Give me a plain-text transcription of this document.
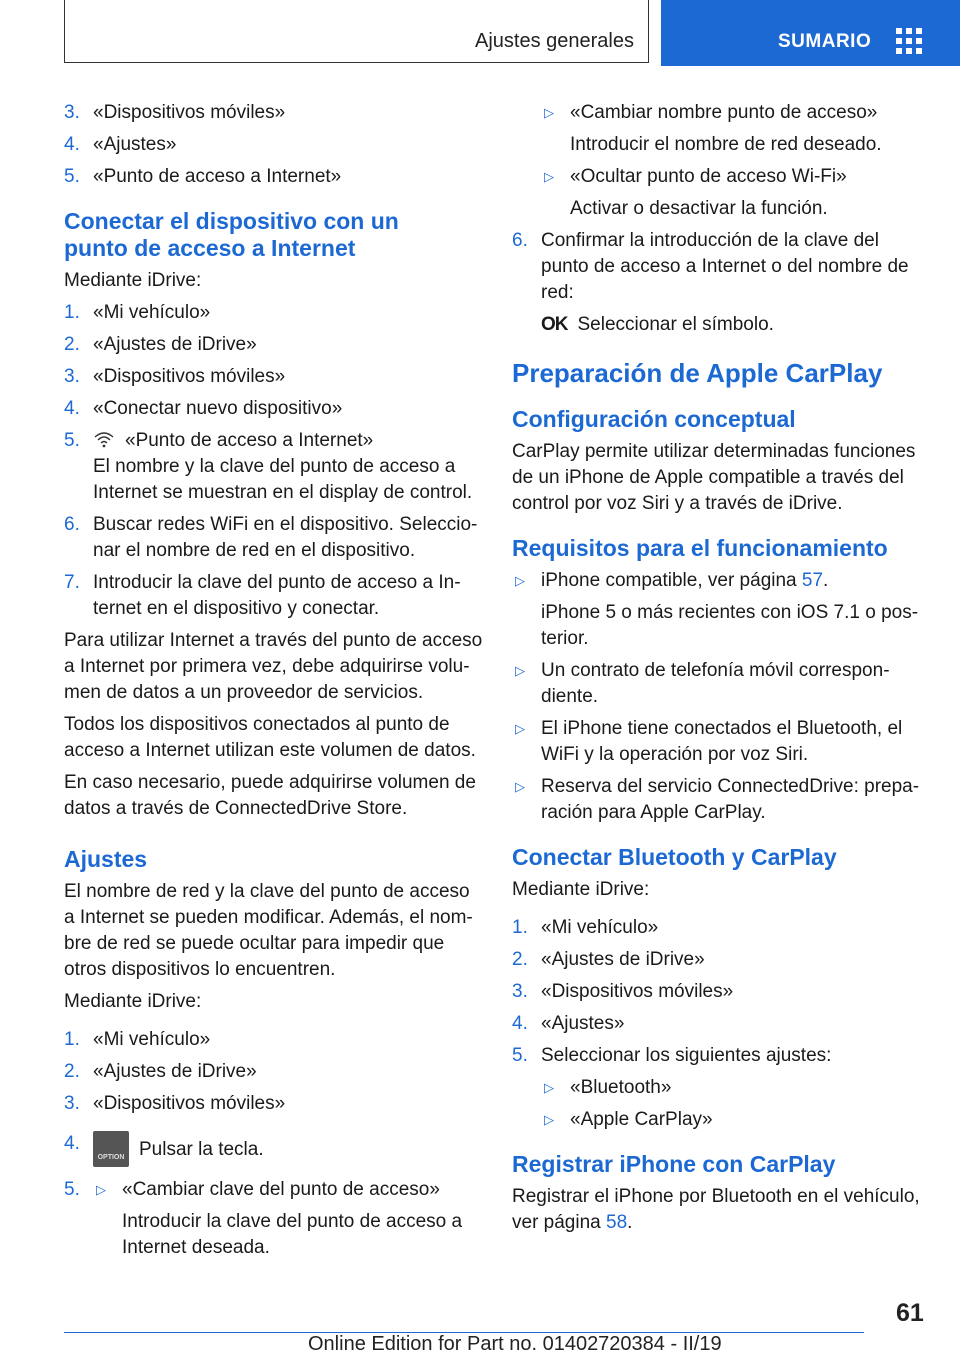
Ajustes generales	SUMARIO
3. «Dispositivos móviles»
4. «Ajustes»
5. «Punto de acceso a Internet»
Conectar el dispositivo con un
punto de acceso a Internet
Mediante iDrive:
1. «Mi vehículo»
2. «Ajustes de iDrive»
3. «Dispositivos móviles»
4. «Conectar nuevo dispositivo»
5. «Punto de acceso a Internet»
El nombre y la clave del punto de acceso a Internet se muestran en el display de control.
6. Buscar redes WiFi en el dispositivo. Seleccionar el nombre de red en el dispositivo.
7. Introducir la clave del punto de acceso a Internet en el dispositivo y conectar.
Para utilizar Internet a través del punto de acceso a Internet por primera vez, debe adquirirse volumen de datos a un proveedor de servicios.
Todos los dispositivos conectados al punto de acceso a Internet utilizan este volumen de datos.
En caso necesario, puede adquirirse volumen de datos a través de ConnectedDrive Store.
Ajustes
El nombre de red y la clave del punto de acceso a Internet se pueden modificar. Además, el nombre de red se puede ocultar para impedir que otros dispositivos lo encuentren.
Mediante iDrive:
1. «Mi vehículo»
2. «Ajustes de iDrive»
3. «Dispositivos móviles»
4.
OPTION Pulsar la tecla.
5. ▷ «Cambiar clave del punto de acceso»
Introducir la clave del punto de acceso a Internet deseada.
▷ «Cambiar nombre punto de acceso»
Introducir el nombre de red deseado.
▷ «Ocultar punto de acceso Wi-Fi»
Activar o desactivar la función.
6. Confirmar la introducción de la clave del punto de acceso a Internet o del nombre de red:
OK Seleccionar el símbolo.
Preparación de Apple CarPlay
Configuración conceptual
CarPlay permite utilizar determinadas funciones de un iPhone de Apple compatible a través del control por voz Siri y a través de iDrive.
Requisitos para el funcionamiento
▷ iPhone compatible, ver página 57.
iPhone 5 o más recientes con iOS 7.1 o posterior.
▷ Un contrato de telefonía móvil correspondiente.
▷ El iPhone tiene conectados el Bluetooth, el WiFi y la operación por voz Siri.
▷ Reserva del servicio ConnectedDrive: preparación para Apple CarPlay.
Conectar Bluetooth y CarPlay
Mediante iDrive:
1. «Mi vehículo»
2. «Ajustes de iDrive»
3. «Dispositivos móviles»
4. «Ajustes»
5. Seleccionar los siguientes ajustes:
▷ «Bluetooth»
▷ «Apple CarPlay»
Registrar iPhone con CarPlay
Registrar el iPhone por Bluetooth en el vehículo, ver página 58.
61
Online Edition for Part no. 01402720384 - II/19
